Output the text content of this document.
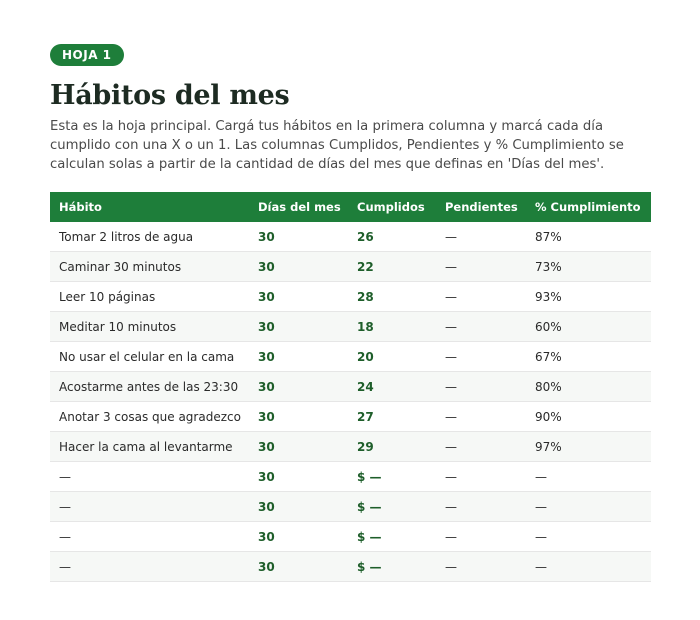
HOJA 1
Hábitos del mes

Esta es la hoja principal. Cargá tus hábitos en la primera columna y marcá cada día cumplido con una X o un 1. Las columnas Cumplidos, Pendientes y % Cumplimiento se calculan solas a partir de la cantidad de días del mes que definas en 'Días del mes'.

Hábito	Días del mes	Cumplidos	Pendientes	% Cumplimiento
Tomar 2 litros de agua	30	26	—	87%
Caminar 30 minutos	30	22	—	73%
Leer 10 páginas	30	28	—	93%
Meditar 10 minutos	30	18	—	60%
No usar el celular en la cama	30	20	—	67%
Acostarme antes de las 23:30	30	24	—	80%
Anotar 3 cosas que agradezco	30	27	—	90%
Hacer la cama al levantarme	30	29	—	97%
—	30	$ —	—	—
—	30	$ —	—	—
—	30	$ —	—	—
—	30	$ —	—	—
